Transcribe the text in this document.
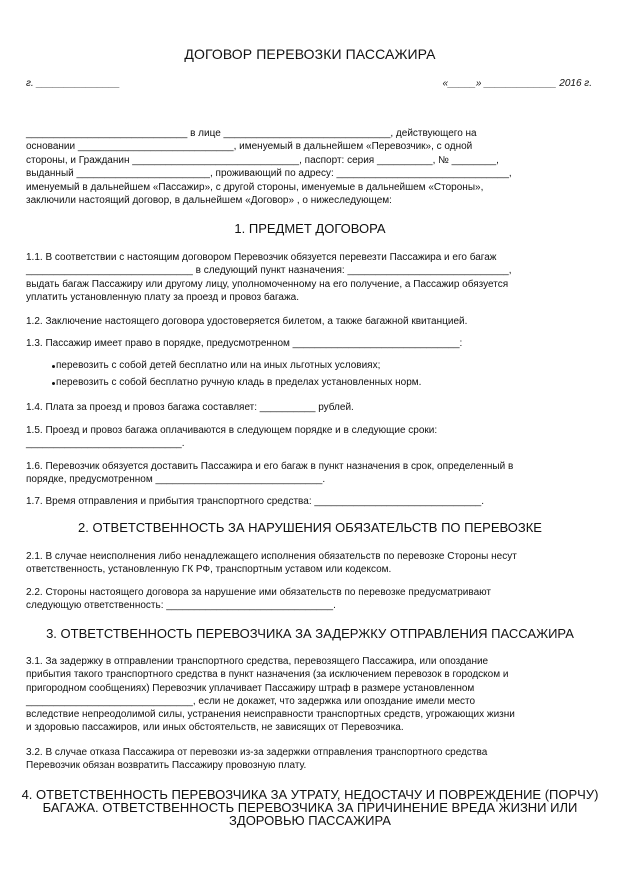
ДОГОВОР ПЕРЕВОЗКИ ПАССАЖИРА
г. _______________	«_____» _____________ 2016 г.
_____________________________ в лице ______________________________, действующего на
основании ____________________________, именуемый в дальнейшем «Перевозчик», с одной
стороны, и Гражданин ______________________________, паспорт: серия __________, № ________,
выданный ________________________, проживающий по адресу: _______________________________,
именуемый в дальнейшем «Пассажир», с другой стороны, именуемые в дальнейшем «Стороны»,
заключили настоящий договор, в дальнейшем «Договор» , о нижеследующем:
1. ПРЕДМЕТ ДОГОВОРА

1.1. В соответствии с настоящим договором Перевозчик обязуется перевезти Пассажира и его багаж
______________________________ в следующий пункт назначения: _____________________________,
выдать багаж Пассажиру или другому лицу, уполномоченному на его получение, а Пассажир обязуется
уплатить установленную плату за проезд и провоз багажа.

1.2. Заключение настоящего договора удостоверяется билетом, а также багажной квитанцией.

1.3. Пассажир имеет право в порядке, предусмотренном ______________________________:

перевозить с собой детей бесплатно или на иных льготных условиях;
перевозить с собой бесплатно ручную кладь в пределах установленных норм.

1.4. Плата за проезд и провоз багажа составляет: __________ рублей.

1.5. Проезд и провоз багажа оплачиваются в следующем порядке и в следующие сроки:
____________________________.

1.6. Перевозчик обязуется доставить Пассажира и его багаж в пункт назначения в срок, определенный в
порядке, предусмотренном ______________________________.

1.7. Время отправления и прибытия транспортного средства: ______________________________.

2. ОТВЕТСТВЕННОСТЬ ЗА НАРУШЕНИЯ ОБЯЗАТЕЛЬСТВ ПО ПЕРЕВОЗКЕ

2.1. В случае неисполнения либо ненадлежащего исполнения обязательств по перевозке Стороны несут
ответственность, установленную ГК РФ, транспортным уставом или кодексом.

2.2. Стороны настоящего договора за нарушение ими обязательств по перевозке предусматривают
следующую ответственность: ______________________________.

3. ОТВЕТСТВЕННОСТЬ ПЕРЕВОЗЧИКА ЗА ЗАДЕРЖКУ ОТПРАВЛЕНИЯ ПАССАЖИРА

3.1. За задержку в отправлении транспортного средства, перевозящего Пассажира, или опоздание
прибытия такого транспортного средства в пункт назначения (за исключением перевозок в городском и
пригородном сообщениях) Перевозчик уплачивает Пассажиру штраф в размере установленном
______________________________, если не докажет, что задержка или опоздание имели место
вследствие непреодолимой силы, устранения неисправности транспортных средств, угрожающих жизни
и здоровью пассажиров, или иных обстоятельств, не зависящих от Перевозчика.

3.2. В случае отказа Пассажира от перевозки из-за задержки отправления транспортного средства
Перевозчик обязан возвратить Пассажиру провозную плату.

4. ОТВЕТСТВЕННОСТЬ ПЕРЕВОЗЧИКА ЗА УТРАТУ, НЕДОСТАЧУ И ПОВРЕЖДЕНИЕ (ПОРЧУ)
БАГАЖА. ОТВЕТСТВЕННОСТЬ ПЕРЕВОЗЧИКА ЗА ПРИЧИНЕНИЕ ВРЕДА ЖИЗНИ ИЛИ
ЗДОРОВЬЮ ПАССАЖИРА
